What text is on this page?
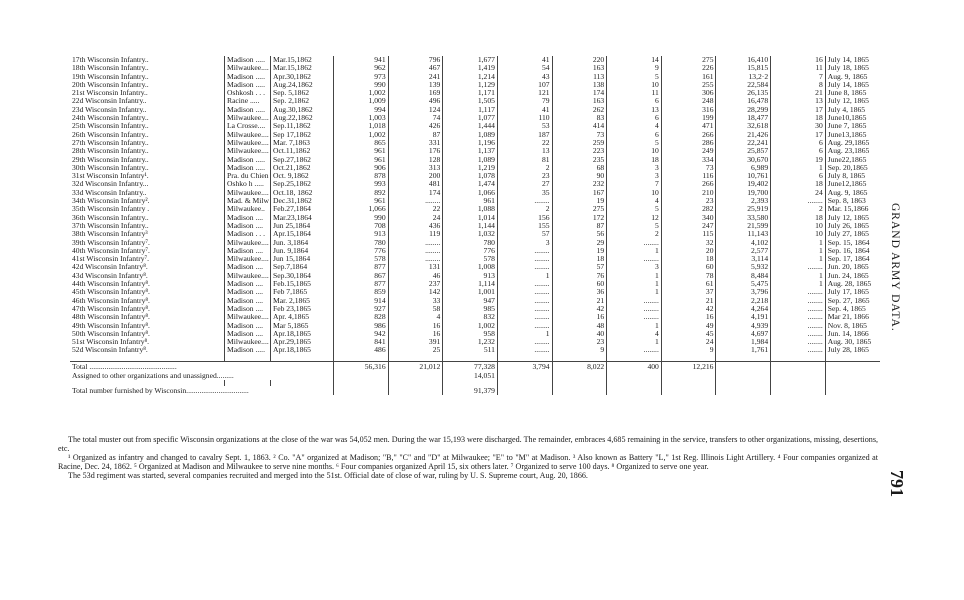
17th Wisconsin Infantry..	Madison .....	Mar.15,1862	941	796	1,677	41	220	14	275	16,410	16	July 14, 1865
18th Wisconsin Infantry..	Milwaukee....	Mar.15,1862	962	467	1,419	54	163	9	226	15,815	11	July 18, 1865
19th Wisconsin Infantry..	Madison .....	Apr.30,1862	973	241	1,214	43	113	5	161	13,2·2	7	Aug. 9, 1865
20th Wisconsin Infantry..	Madison .....	Aug.24,1862	990	139	1,129	107	138	10	255	22,584	8	July 14, 1865
21st Wisconsin Infantry..	Oshkosh . . .	Sep. 5,1862	1,002	169	1,171	121	174	11	306	26,135	21	June 8, 1865
22d Wisconsin Infantry..	Racine .....	Sep. 2,1862	1,009	496	1,505	79	163	6	248	16,478	13	July 12, 1865
23d Wisconsin Infantry..	Madison .....	Aug.30,1862	994	124	1,117	41	262	13	316	28,299	17	July 4, 1865
24th Wisconsin Infantry..	Milwaukee....	Aug.22,1862	1,003	74	1,077	110	83	6	199	18,477	18	June10,1865
25th Wisconsin Infantry..	La Crosse....	Sep.11,1862	1,018	426	1,444	53	414	4	471	32,618	30	June 7, 1865
26th Wisconsin Infantry..	Milwaukee....	Sep 17,1862	1,002	87	1,089	187	73	6	266	21,426	17	June13,1865
27th Wisconsin Infantry..	Milwaukee....	Mar. 7,1863	865	331	1,196	22	259	5	286	22,241	6	Aug. 29,1865
28th Wisconsin Infantry..	Milwaukee....	Oct.11,1862	961	176	1,137	13	223	10	249	25,857	6	Aug. 23,1865
29th Wisconsin Infantry..	Madison .....	Sep.27,1862	961	128	1,089	81	235	18	334	30,670	19	June22,1865
30th Wisconsin Infantry..	Madison .....	Oct.21,1862	906	313	1,219	2	68	3	73	6,989	1	Sep. 20,1865
31st Wisconsin Infantry¹.	Pra. du Chien	Oct. 9,1862	878	200	1,078	23	90	3	116	10,761	6	July 8, 1865
32d Wisconsin Infantry...	Oshko h .....	Sep.25,1862	993	481	1,474	27	232	7	266	19,402	18	June12,1865
33d Wisconsin Infantry..	Milwaukee....	Oct.18, 1862	892	174	1,066	35	167	10	210	19,700	24	Aug. 9, 1865
34th Wisconsin Infantry².	Mad. & Milw	Dec.31,1862	961	........	961	........	19	4	23	2,393	........	Sep. 8, 1863
35th Wisconsin Infantry .	Milwaukee..	Feb.27,1864	1,066	22	1,088	2	275	5	282	25,919	2	Mar. 15,1866
36th Wisconsin Infantry..	Madison ....	Mar.23,1864	990	24	1,014	156	172	12	340	33,580	18	July 12, 1865
37th Wisconsin Infantry..	Madison ....	Jun 25,1864	708	436	1,144	155	87	5	247	21,599	10	July 26, 1865
38th Wisconsin Infantry³	Madison . . .	Apr.15,1864	913	119	1,032	57	56	2	115	11,143	10	July 27, 1865
39th Wisconsin Infantry⁷.	Milwaukee....	Jun. 3,1864	780	........	780	3	29	........	32	4,102	1	Sep. 15, 1864
40th Wisconsin Infantry⁷.	Madison ....	Jun. 9,1864	776	........	776	........	19	1	20	2,577	1	Sep. 16, 1864
41st Wisconsin Infantry⁷.	Milwaukee....	Jun 15,1864	578	........	578	........	18	........	18	3,114	1	Sep. 17, 1864
42d Wisconsin Infantry⁸.	Madison ....	Sep.7,1864	877	131	1,008	........	57	3	60	5,932	........	Jun. 20, 1865
43d Wisconsin Infantry⁸.	Milwaukee....	Sep.30,1864	867	46	913	1	76	1	78	8,484	1	Jun. 24, 1865
44th Wisconsin Infantry⁸.	Madison ....	Feb.15,1865	877	237	1,114	........	60	1	61	5,475	1	Aug. 28, 1865
45th Wisconsin Infantry⁸.	Madison ....	Feb 7,1865	859	142	1,001	........	36	1	37	3,796	........	July 17, 1865
46th Wisconsin Infantry⁸.	Madison ....	Mar. 2,1865	914	33	947	........	21	........	21	2,218	........	Sep. 27, 1865
47th Wisconsin Infantry⁸.	Madison ....	Feb 23,1865	927	58	985	........	42	........	42	4,264	........	Sep. 4, 1865
48th Wisconsin Infantry⁸.	Milwaukee....	Apr. 4,1865	828	4	832	........	16	........	16	4,191	........	Mar 21, 1866
49th Wisconsin Infantry⁸.	Madison ....	Mar 5,1865	986	16	1,002	........	48	1	49	4,939	........	Nov. 8, 1865
50th Wisconsin Infantry⁸.	Madison ....	Apr.18,1865	942	16	958	1	40	4	45	4,697	........	Jun. 14, 1866
51st Wisconsin Infantry⁸.	Milwaukee....	Apr.29,1865	841	391	1,232	........	23	1	24	1,984	........	Aug. 30, 1865
52d Wisconsin Infantry⁸.	Madison .....	Apr.18,1865	486	25	511	........	9	........	9	1,761	........	July 28, 1865

Total ..............................................			56,316	21,012	77,328	3,794	8,022	400	12,216			
Assigned to other organizations and unassigned.........					14,051							

Total number furnished by Wisconsin.................................					91,379							

The total muster out from specific Wisconsin organizations at the close of the war was 54,052 men. During the war 15,193 were discharged. The remainder, embraces 4,685 remaining in the service, transfers to other organizations, missing, desertions, etc.

¹ Organized as infantry and changed to cavalry Sept. 1, 1863. ² Co. "A" organized at Madison; "B," "C" and "D" at Milwaukee; "E" to "M" at Madison. ³ Also known as Battery "L," 1st Reg. Illinois Light Artillery. ⁴ Four companies organized at Racine, Dec. 24, 1862. ⁵ Organized at Madison and Milwaukee to serve nine months. ⁶ Four companies organized April 15, six others later. ⁷ Organized to serve 100 days. ⁸ Organized to serve one year.

The 53d regiment was started, several companies recruited and merged into the 51st. Official date of close of war, ruling by U. S. Supreme court, Aug. 20, 1866.

GRAND ARMY DATA.
791
